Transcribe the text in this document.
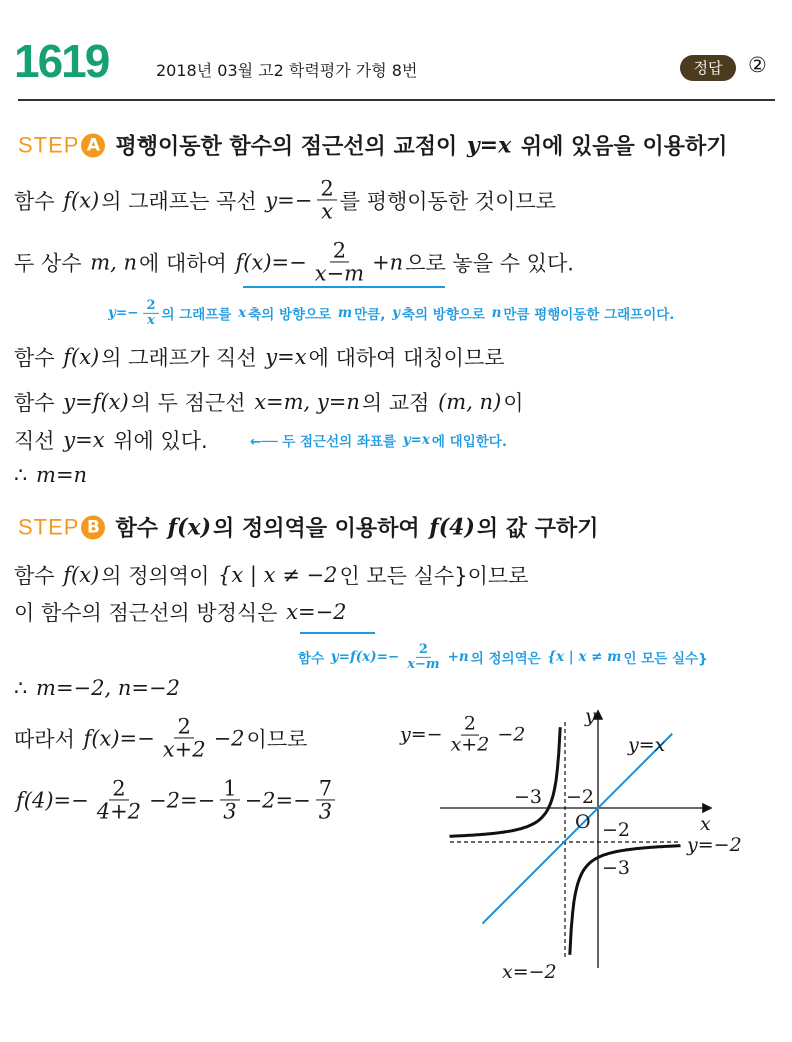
1619	2018년 03월 고2 학력평가 가형 8번	정답	②
STEP A 평행이동한 함수의 점근선의 교점이 y=x 위에 있음을 이용하기
함수 f(x) 의 그래프는 곡선 $y=- \frac{2}{x}$ 를 평행이동한 것이므로
두 상수 m, n 에 대하여 $f(x)=- \frac{2}{x-m} +n$ 으로 놓을 수 있다.
$y=- \frac{2}{x}$ 의 그래프를 x 축의 방향으로 m 만큼, y 축의 방향으로 n 만큼 평행이동한 그래프이다.
함수 f(x) 의 그래프가 직선 y=x 에 대하여 대칭이므로
함수 y=f(x) 의 두 점근선 x=m, y=n 의 교점 (m, n) 이
직선 y=x 위에 있다.	←── 두 점근선의 좌표를 y=x 에 대입한다.
∴ m=n
STEP B 함수 f(x) 의 정의역을 이용하여 f(4) 의 값 구하기
함수 f(x) 의 정의역이 {x | x ≠ −2 인 모든 실수}이므로
이 함수의 점근선의 방정식은 x=−2
함수 $y=f(x)=- \frac{2}{x-m} +n$ 의 정의역은 {x | x ≠ m 인 모든 실수}
∴ m=−2, n=−2
따라서 $f(x)=- \frac{2}{x+2} -2$ 이므로
$f(4)=- \frac{2}{4+2} -2=- \frac{1}{3} -2=- \frac{7}{3}$
$y=- \frac{2}{x+2} -2$	y=x
y
x
O
−3 −2
−2
−3
y=−2
x=−2
